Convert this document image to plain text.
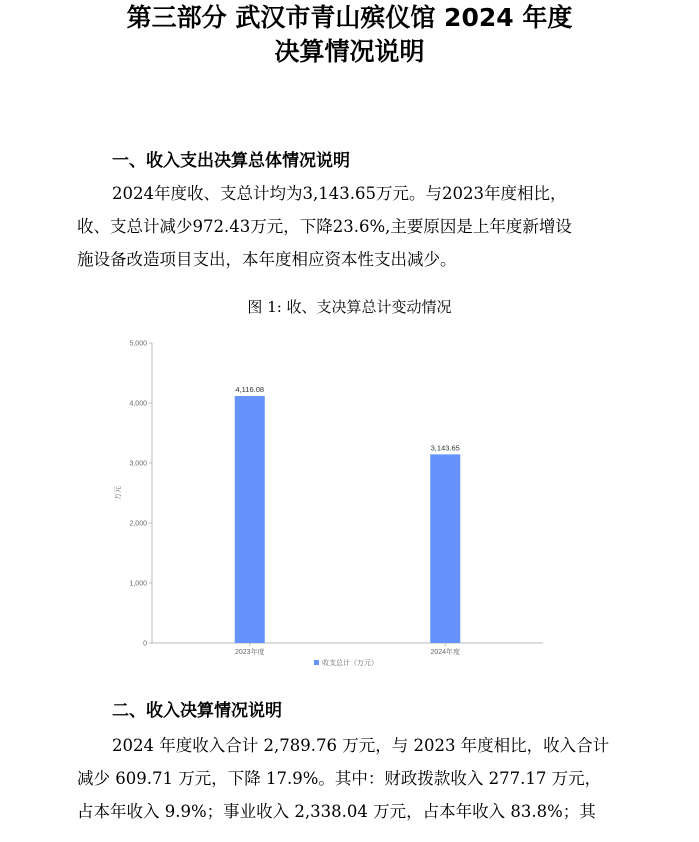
第三部分 武汉市青山殡仪馆 2024 年度
决算情况说明
一、收入支出决算总体情况说明
2024年度收、支总计均为3,143.65万元。与2023年度相比，
收、支总计减少972.43万元，下降23.6%,主要原因是上年度新增设
施设备改造项目支出，本年度相应资本性支出减少。
图 1: 收、支决算总计变动情况
0
1,000
2,000
3,000
4,000
5,000
万元
4,116.08
2023年度
3,143.65
2024年度
收支总计（万元）
二、收入决算情况说明
2024 年度收入合计 2,789.76 万元，与 2023 年度相比，收入合计
减少 609.71 万元，下降 17.9%。其中：财政拨款收入 277.17 万元，
占本年收入 9.9%；事业收入 2,338.04 万元，占本年收入 83.8%；其
